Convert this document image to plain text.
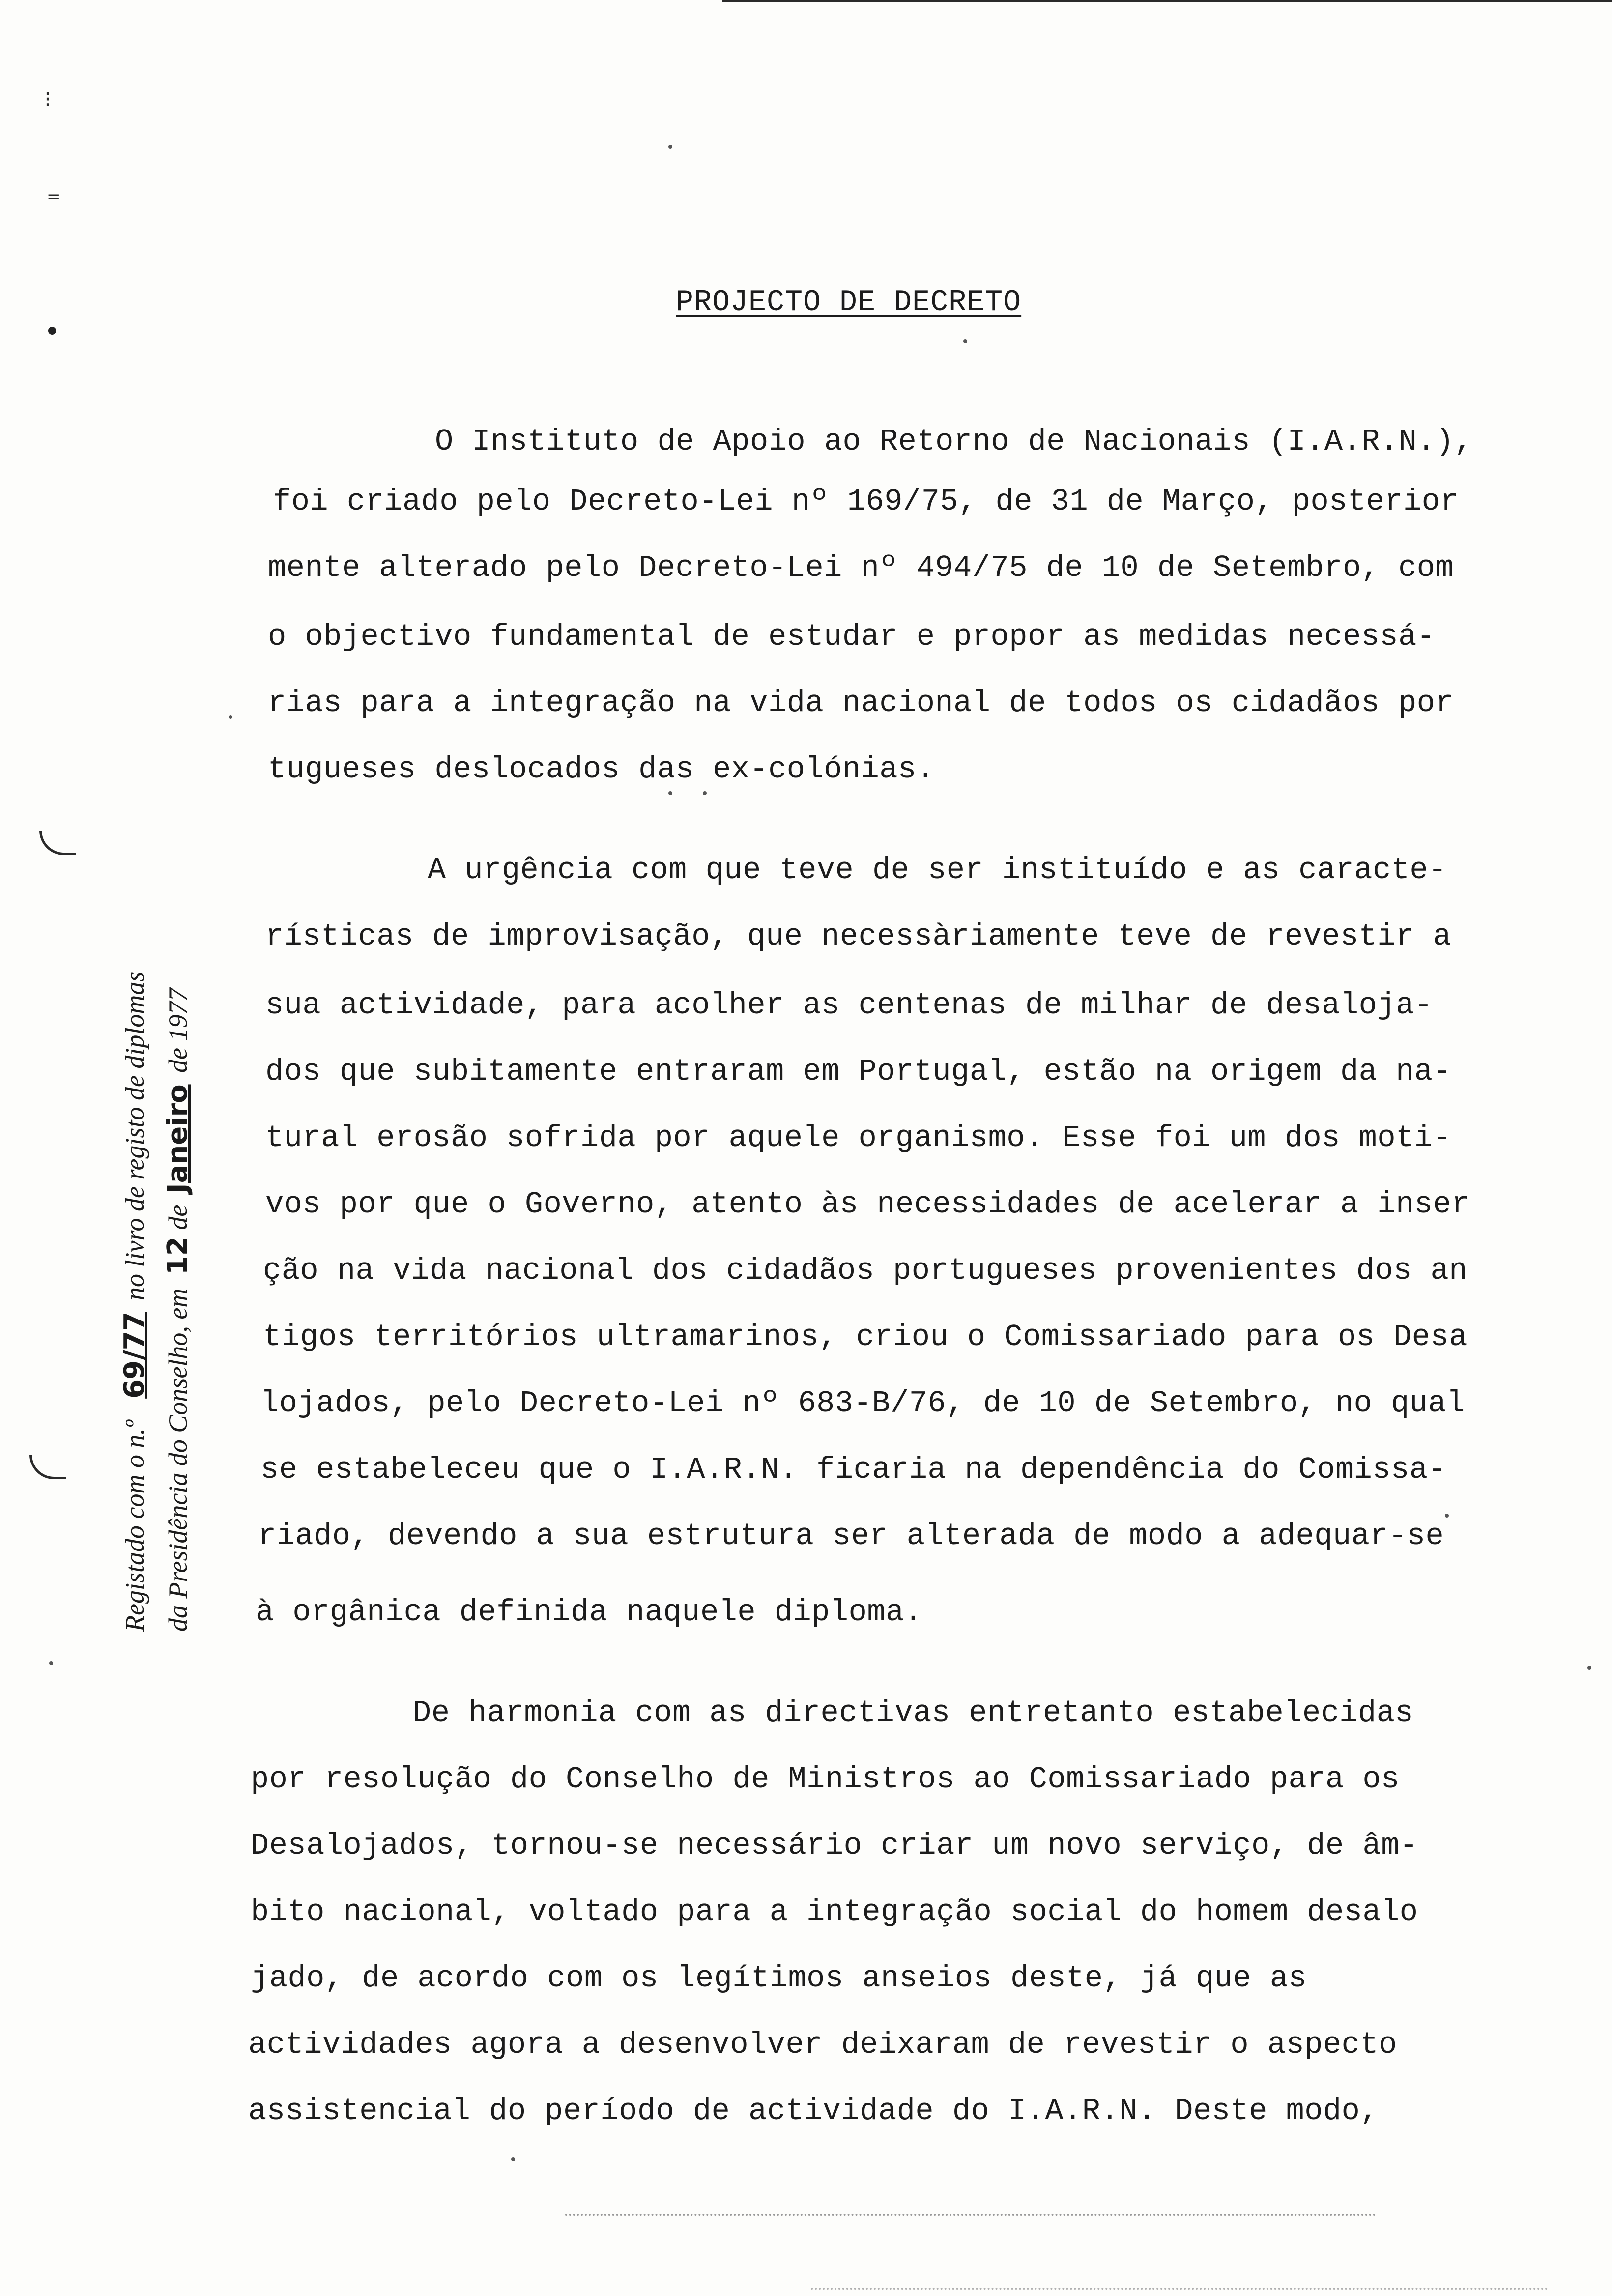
⁝
=
PROJECTO DE DECRETO
O Instituto de Apoio ao Retorno de Nacionais (I.A.R.N.),
foi criado pelo Decreto-Lei nº 169/75, de 31 de Março, posterior
mente alterado pelo Decreto-Lei nº 494/75 de 10 de Setembro, com
o objectivo fundamental de estudar e propor as medidas necessá-
rias para a integração na vida nacional de todos os cidadãos por
tugueses deslocados das ex-colónias.
A urgência com que teve de ser instituído e as caracte-
rísticas de improvisação, que necessàriamente teve de revestir a
sua actividade, para acolher as centenas de milhar de desaloja-
dos que subitamente entraram em Portugal, estão na origem da na-
tural erosão sofrida por aquele organismo. Esse foi um dos moti-
vos por que o Governo, atento às necessidades de acelerar a inser
ção na vida nacional dos cidadãos portugueses provenientes dos an
tigos territórios ultramarinos, criou o Comissariado para os Desa
lojados, pelo Decreto-Lei nº 683-B/76, de 10 de Setembro, no qual
se estabeleceu que o I.A.R.N. ficaria na dependência do Comissa-
riado, devendo a sua estrutura ser alterada de modo a adequar-se
à orgânica definida naquele diploma.
De harmonia com as directivas entretanto estabelecidas
por resolução do Conselho de Ministros ao Comissariado para os
Desalojados, tornou-se necessário criar um novo serviço, de âm-
bito nacional, voltado para a integração social do homem desalo
jado, de acordo com os legítimos anseios deste, já que as
actividades agora a desenvolver deixaram de revestir o aspecto
assistencial do período de actividade do I.A.R.N. Deste modo,
Registado com o n.º 69/77 no livro de registo de diplomas
da Presidência do Conselho, em 12 de Janeiro de 1977
